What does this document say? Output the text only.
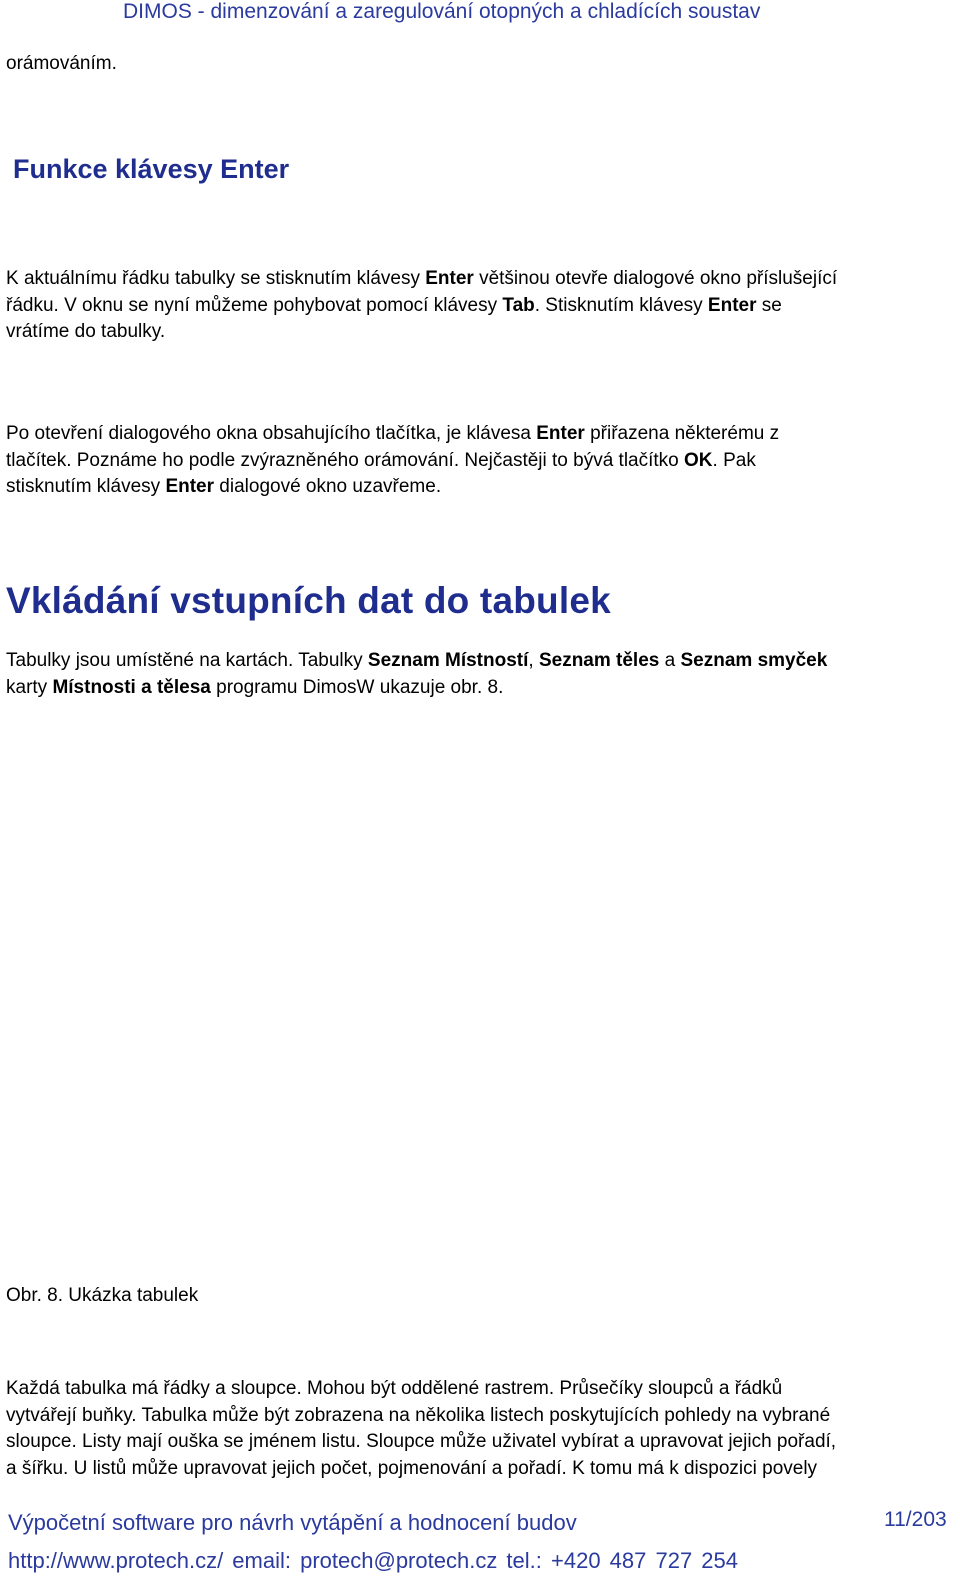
DIMOS - dimenzování a zaregulování otopných a chladících soustav
orámováním.
Funkce klávesy Enter
K aktuálnímu řádku tabulky se stisknutím klávesy Enter většinou otevře dialogové okno příslušející
řádku. V oknu se nyní můžeme pohybovat pomocí klávesy Tab. Stisknutím klávesy Enter se
vrátíme do tabulky.
Po otevření dialogového okna obsahujícího tlačítka, je klávesa Enter přiřazena některému z
tlačítek. Poznáme ho podle zvýrazněného orámování. Nejčastěji to bývá tlačítko OK. Pak
stisknutím klávesy Enter dialogové okno uzavřeme.
Vkládání vstupních dat do tabulek
Tabulky jsou umístěné na kartách. Tabulky Seznam Místností, Seznam těles a Seznam smyček
karty Místnosti a tělesa programu DimosW ukazuje obr. 8.
Obr. 8. Ukázka tabulek
Každá tabulka má řádky a sloupce. Mohou být oddělené rastrem. Průsečíky sloupců a řádků
vytvářejí buňky. Tabulka může být zobrazena na několika listech poskytujících pohledy na vybrané
sloupce. Listy mají ouška se jménem listu. Sloupce může uživatel vybírat a upravovat jejich pořadí,
a šířku. U listů může upravovat jejich počet, pojmenování a pořadí. K tomu má k dispozici povely
Výpočetní software pro návrh vytápění a hodnocení budov	11/203
http://www.protech.cz/ email: protech@protech.cz tel.: +420 487 727 254
